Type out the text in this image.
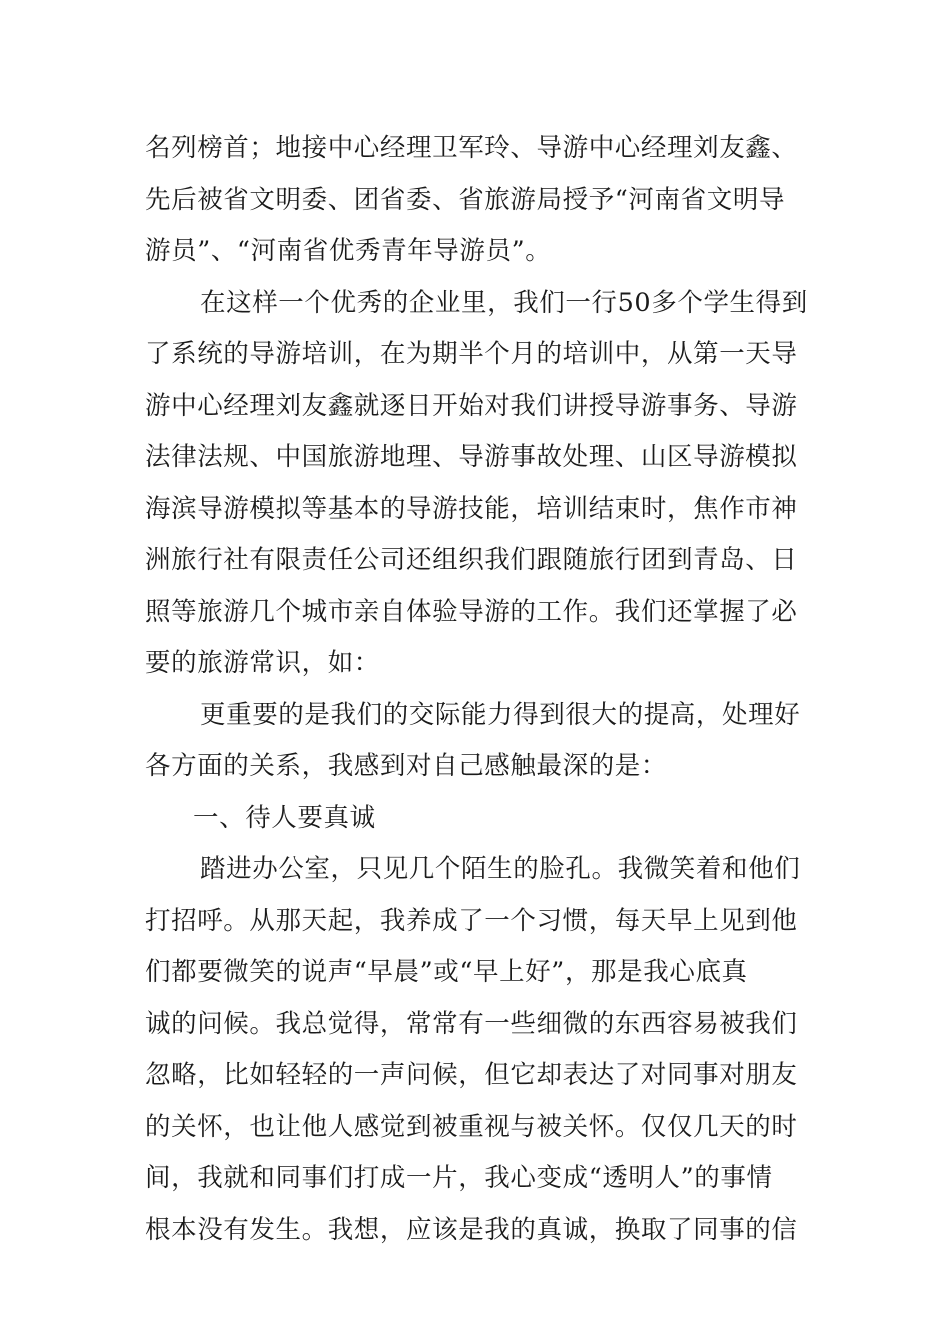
名列榜首；地接中心经理卫军玲、导游中心经理刘友鑫、
先后被省文明委、团省委、省旅游局授予“河南省文明导
游员”、“河南省优秀青年导游员”。
在这样一个优秀的企业里，我们一行50多个学生得到
了系统的导游培训，在为期半个月的培训中，从第一天导
游中心经理刘友鑫就逐日开始对我们讲授导游事务、导游
法律法规、中国旅游地理、导游事故处理、山区导游模拟
海滨导游模拟等基本的导游技能，培训结束时，焦作市神
洲旅行社有限责任公司还组织我们跟随旅行团到青岛、日
照等旅游几个城市亲自体验导游的工作。我们还掌握了必
要的旅游常识，如：
更重要的是我们的交际能力得到很大的提高，处理好
各方面的关系，我感到对自己感触最深的是：
一、待人要真诚
踏进办公室，只见几个陌生的脸孔。我微笑着和他们
打招呼。从那天起，我养成了一个习惯，每天早上见到他
们都要微笑的说声“早晨”或“早上好”，那是我心底真
诚的问候。我总觉得，常常有一些细微的东西容易被我们
忽略，比如轻轻的一声问候，但它却表达了对同事对朋友
的关怀，也让他人感觉到被重视与被关怀。仅仅几天的时
间，我就和同事们打成一片，我心变成“透明人”的事情
根本没有发生。我想，应该是我的真诚，换取了同事的信
